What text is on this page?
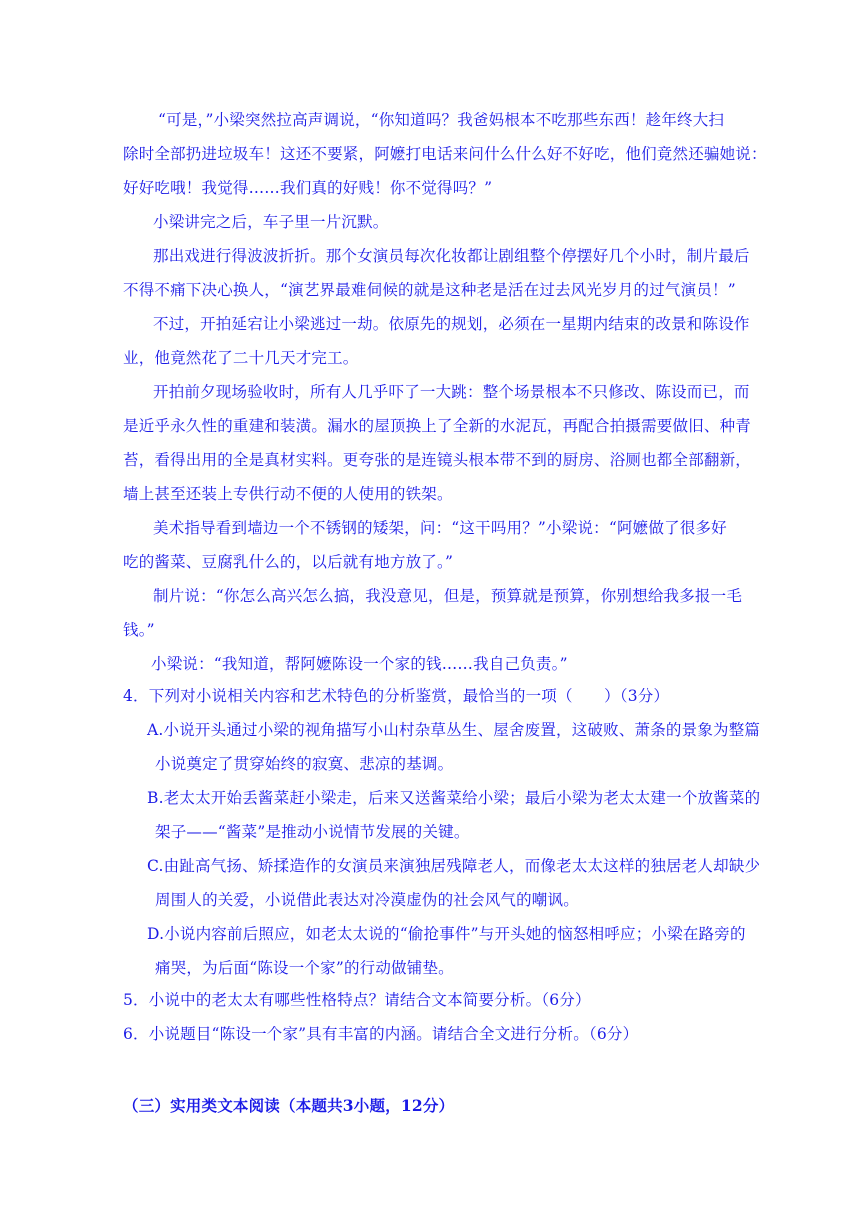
“可是，”小梁突然拉高声调说，“你知道吗？我爸妈根本不吃那些东西！趁年终大扫
除时全部扔进垃圾车！这还不要紧，阿嬷打电话来问什么什么好不好吃，他们竟然还骗她说：
好好吃哦！我觉得……我们真的好贱！你不觉得吗？”
小梁讲完之后，车子里一片沉默。
那出戏进行得波波折折。那个女演员每次化妆都让剧组整个停摆好几个小时，制片最后
不得不痛下决心换人，“演艺界最难伺候的就是这种老是活在过去风光岁月的过气演员！”
不过，开拍延宕让小梁逃过一劫。依原先的规划，必须在一星期内结束的改景和陈设作
业，他竟然花了二十几天才完工。
开拍前夕现场验收时，所有人几乎吓了一大跳：整个场景根本不只修改、陈设而已，而
是近乎永久性的重建和装潢。漏水的屋顶换上了全新的水泥瓦，再配合拍摄需要做旧、种青
苔，看得出用的全是真材实料。更夸张的是连镜头根本带不到的厨房、浴厕也都全部翻新，
墙上甚至还装上专供行动不便的人使用的铁架。
美术指导看到墙边一个不锈钢的矮架，问：“这干吗用？”小梁说：“阿嬷做了很多好
吃的酱菜、豆腐乳什么的，以后就有地方放了。”
制片说：“你怎么高兴怎么搞，我没意见，但是，预算就是预算，你别想给我多报一毛
钱。”
小梁说：“我知道，帮阿嬷陈设一个家的钱……我自己负责。”
4．下列对小说相关内容和艺术特色的分析鉴赏，最恰当的一项（　　）（3分）
A.小说开头通过小梁的视角描写小山村杂草丛生、屋舍废置，这破败、萧条的景象为整篇
小说奠定了贯穿始终的寂寞、悲凉的基调。
B.老太太开始丢酱菜赶小梁走，后来又送酱菜给小梁；最后小梁为老太太建一个放酱菜的
架子——“酱菜”是推动小说情节发展的关键。
C.由趾高气扬、矫揉造作的女演员来演独居残障老人，而像老太太这样的独居老人却缺少
周围人的关爱，小说借此表达对冷漠虚伪的社会风气的嘲讽。
D.小说内容前后照应，如老太太说的“偷抢事件”与开头她的恼怒相呼应；小梁在路旁的
痛哭，为后面“陈设一个家”的行动做铺垫。
5．小说中的老太太有哪些性格特点？请结合文本简要分析。（6分）
6．小说题目“陈设一个家”具有丰富的内涵。请结合全文进行分析。（6分）
（三）实用类文本阅读（本题共3小题，12分）
